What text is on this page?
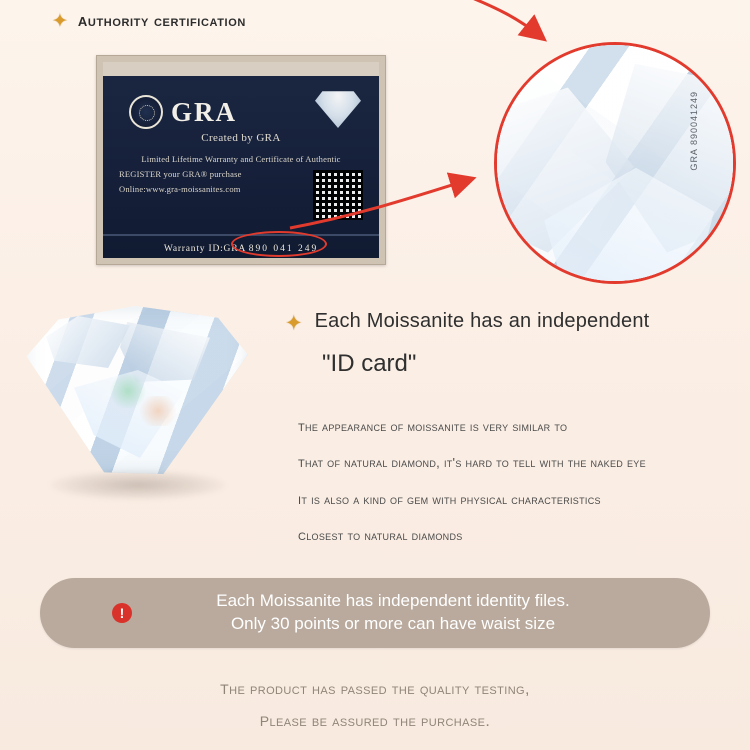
✦ authority certification
GRA
Created by GRA
Limited Lifetime Warranty and Certificate of Authentic
REGISTER your GRA® purchase
Online:www.gra-moissanites.com
Warranty ID:GRA 890 041 249
GRA 890041249
✦ Each Moissanite has an independent
"ID card"

the appearance of moissanite is very similar to

that of natural diamond, it's hard to tell with the naked eye

it is also a kind of gem with physical characteristics

closest to natural diamonds

!
Each Moissanite has independent identity files.
Only 30 points or more can have waist size
the product has passed the quality testing,
please be assured the purchase.
